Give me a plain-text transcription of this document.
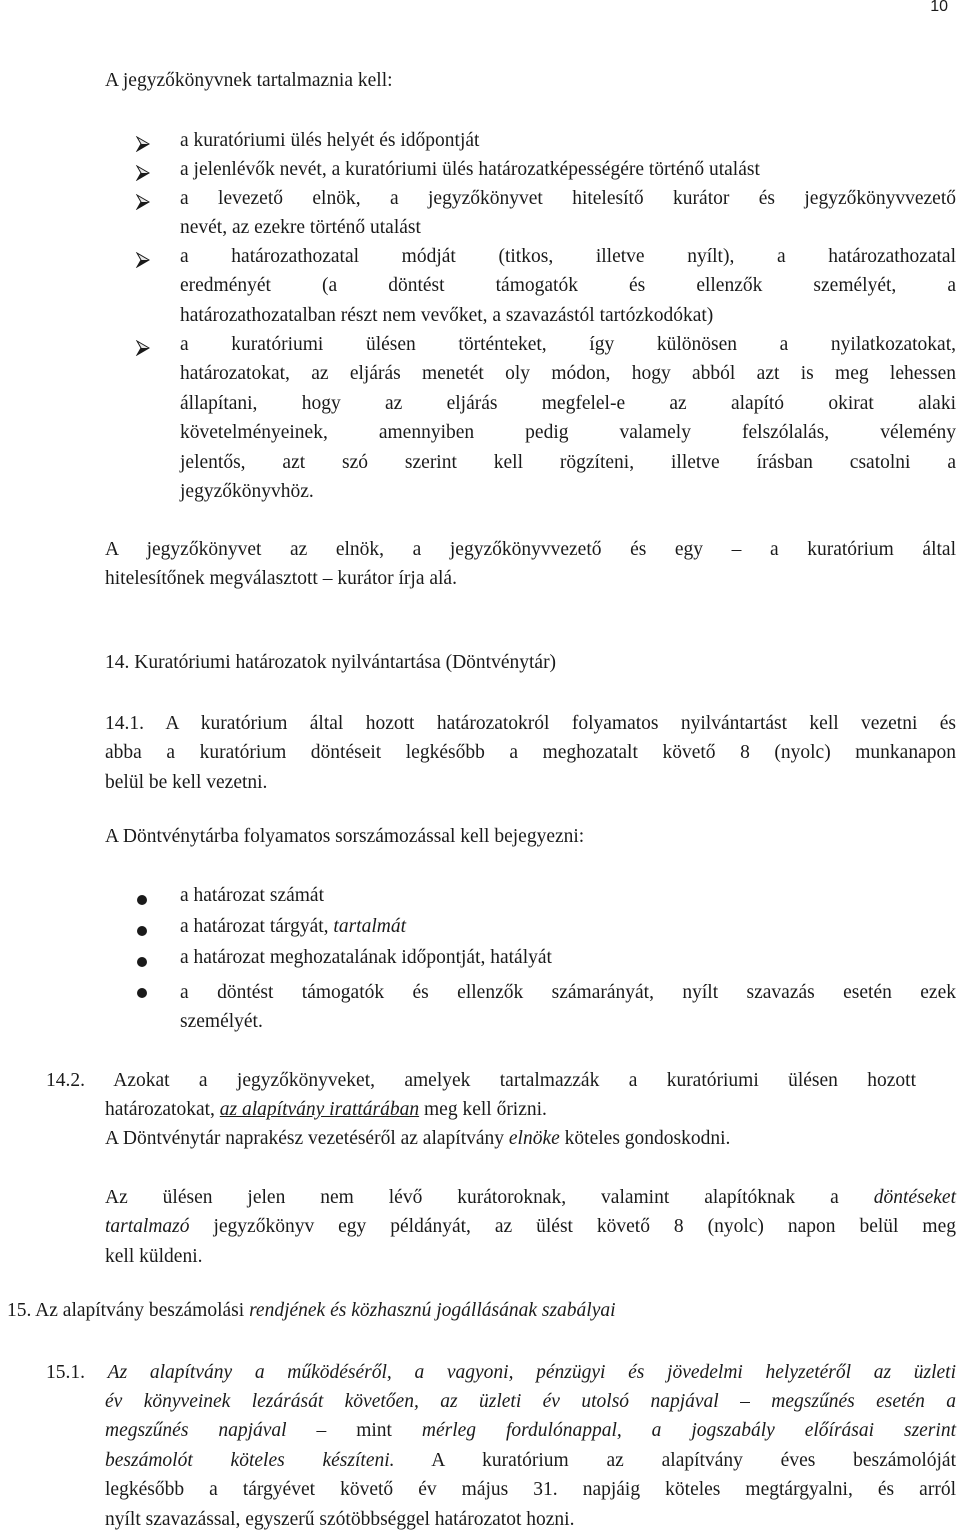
10
A jegyzőkönyvnek tartalmaznia kell:
a kuratóriumi ülés helyét és időpontját
a jelenlévők nevét, a kuratóriumi ülés határozatképességére történő utalást
a levezető elnök, a jegyzőkönyvet hitelesítő kurátor és jegyzőkönyvvezető
nevét, az ezekre történő utalást
a határozathozatal módját (titkos, illetve nyílt), a határozathozatal
eredményét (a döntést támogatók és ellenzők személyét, a
határozathozatalban részt nem vevőket, a szavazástól tartózkodókat)
a kuratóriumi ülésen történteket, így különösen a nyilatkozatokat,
határozatokat, az eljárás menetét oly módon, hogy abból azt is meg lehessen
állapítani, hogy az eljárás megfelel-e az alapító okirat alaki
követelményeinek, amennyiben pedig valamely felszólalás, vélemény
jelentős, azt szó szerint kell rögzíteni, illetve írásban csatolni a
jegyzőkönyvhöz.
A jegyzőkönyvet az elnök, a jegyzőkönyvvezető és egy – a kuratórium által
hitelesítőnek megválasztott – kurátor írja alá.
14. Kuratóriumi határozatok nyilvántartása (Döntvénytár)
14.1. A kuratórium által hozott határozatokról folyamatos nyilvántartást kell vezetni és
abba a kuratórium döntéseit legkésőbb a meghozatalt követő 8 (nyolc) munkanapon
belül be kell vezetni.
A Döntvénytárba folyamatos sorszámozással kell bejegyezni:
a határozat számát
a határozat tárgyát, tartalmát
a határozat meghozatalának időpontját, hatályát
a döntést támogatók és ellenzők számarányát, nyílt szavazás esetén ezek
személyét.
14.2. Azokat a jegyzőkönyveket, amelyek tartalmazzák a kuratóriumi ülésen hozott
határozatokat, az alapítvány irattárában meg kell őrizni.
A Döntvénytár naprakész vezetéséről az alapítvány elnöke köteles gondoskodni.
Az ülésen jelen nem lévő kurátoroknak, valamint alapítóknak a döntéseket
tartalmazó jegyzőkönyv egy példányát, az ülést követő 8 (nyolc) napon belül meg
kell küldeni.
15. Az alapítvány beszámolási rendjének és közhasznú jogállásának szabályai
15.1. Az alapítvány a működéséről, a vagyoni, pénzügyi és jövedelmi helyzetéről az üzleti
év könyveinek lezárását követően, az üzleti év utolsó napjával – megszűnés esetén a
megszűnés napjával – mint mérleg fordulónappal, a jogszabály előírásai szerint
beszámolót köteles készíteni. A kuratórium az alapítvány éves beszámolóját
legkésőbb a tárgyévet követő év május 31. napjáig köteles megtárgyalni, és arról
nyílt szavazással, egyszerű szótöbbséggel határozatot hozni.
